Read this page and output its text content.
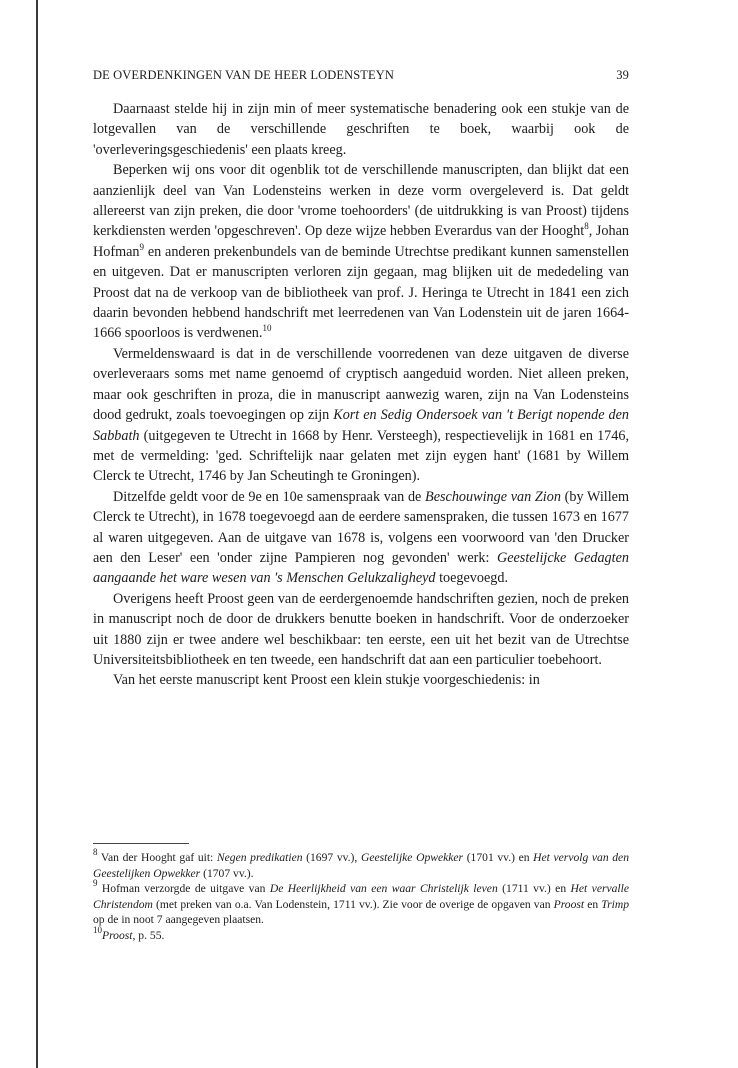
DE OVERDENKINGEN VAN DE HEER LODENSTEYN	39

Daarnaast stelde hij in zijn min of meer systematische benadering ook een stukje van de lotgevallen van de verschillende geschriften te boek, waarbij ook de 'overleveringsgeschiedenis' een plaats kreeg.

Beperken wij ons voor dit ogenblik tot de verschillende manuscripten, dan blijkt dat een aanzienlijk deel van Van Lodensteins werken in deze vorm overgeleverd is. Dat geldt allereerst van zijn preken, die door 'vrome toehoorders' (de uitdrukking is van Proost) tijdens kerkdiensten werden 'opgeschreven'. Op deze wijze hebben Everardus van der Hooght$^8$, Johan Hofman$^9$ en anderen prekenbundels van de beminde Utrechtse predikant kunnen samenstellen en uitgeven. Dat er manuscripten verloren zijn gegaan, mag blijken uit de mededeling van Proost dat na de verkoop van de bibliotheek van prof. J. Heringa te Utrecht in 1841 een zich daarin bevonden hebbend handschrift met leerredenen van Van Lodenstein uit de jaren 1664-1666 spoorloos is verdwenen.$^{10}$

Vermeldenswaard is dat in de verschillende voorredenen van deze uitgaven de diverse overleveraars soms met name genoemd of cryptisch aangeduid worden. Niet alleen preken, maar ook geschriften in proza, die in manuscript aanwezig waren, zijn na Van Lodensteins dood gedrukt, zoals toevoegingen op zijn Kort en Sedig Ondersoek van 't Berigt nopende den Sabbath (uitgegeven te Utrecht in 1668 by Henr. Versteegh), respectievelijk in 1681 en 1746, met de vermelding: 'ged. Schriftelijk naar gelaten met zijn eygen hant' (1681 by Willem Clerck te Utrecht, 1746 by Jan Scheutingh te Groningen).

Ditzelfde geldt voor de 9e en 10e samenspraak van de Beschouwinge van Zion (by Willem Clerck te Utrecht), in 1678 toegevoegd aan de eerdere samenspraken, die tussen 1673 en 1677 al waren uitgegeven. Aan de uitgave van 1678 is, volgens een voorwoord van 'den Drucker aen den Leser' een 'onder zijne Pampieren nog gevonden' werk: Geestelijcke Gedagten aangaande het ware wesen van 's Menschen Gelukzaligheyd toegevoegd.

Overigens heeft Proost geen van de eerdergenoemde handschriften gezien, noch de preken in manuscript noch de door de drukkers benutte boeken in handschrift. Voor de onderzoeker uit 1880 zijn er twee andere wel beschikbaar: ten eerste, een uit het bezit van de Utrechtse Universiteitsbibliotheek en ten tweede, een handschrift dat aan een particulier toebehoort.

Van het eerste manuscript kent Proost een klein stukje voorgeschiedenis: in

$^8$ Van der Hooght gaf uit: Negen predikatien (1697 vv.), Geestelijke Opwekker (1701 vv.) en Het vervolg van den Geestelijken Opwekker (1707 vv.).

$^9$ Hofman verzorgde de uitgave van De Heerlijkheid van een waar Christelijk leven (1711 vv.) en Het vervalle Christendom (met preken van o.a. Van Lodenstein, 1711 vv.). Zie voor de overige de opgaven van Proost en Trimp op de in noot 7 aangegeven plaatsen.

$^{10}$Proost, p. 55.
